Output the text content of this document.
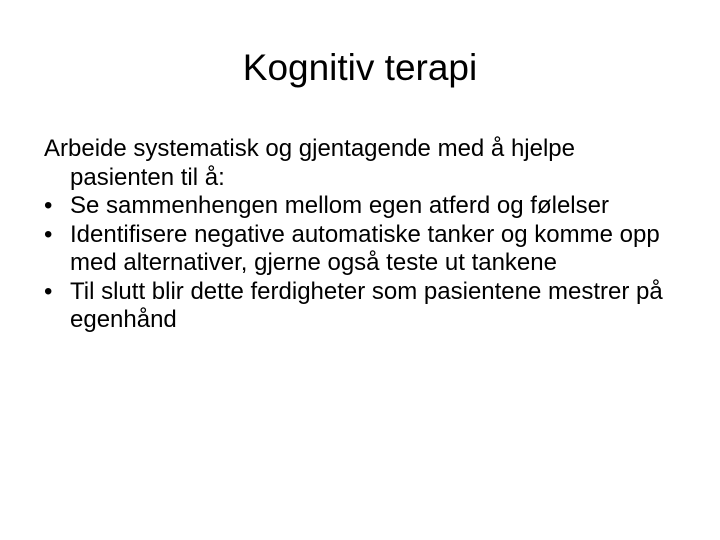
Kognitiv terapi

Arbeide systematisk og gjentagende med å hjelpe pasienten til å:

• Se sammenhengen mellom egen atferd og følelser
• Identifisere negative automatiske tanker og komme opp med alternativer, gjerne også teste ut tankene
• Til slutt blir dette ferdigheter som pasientene mestrer på egenhånd
